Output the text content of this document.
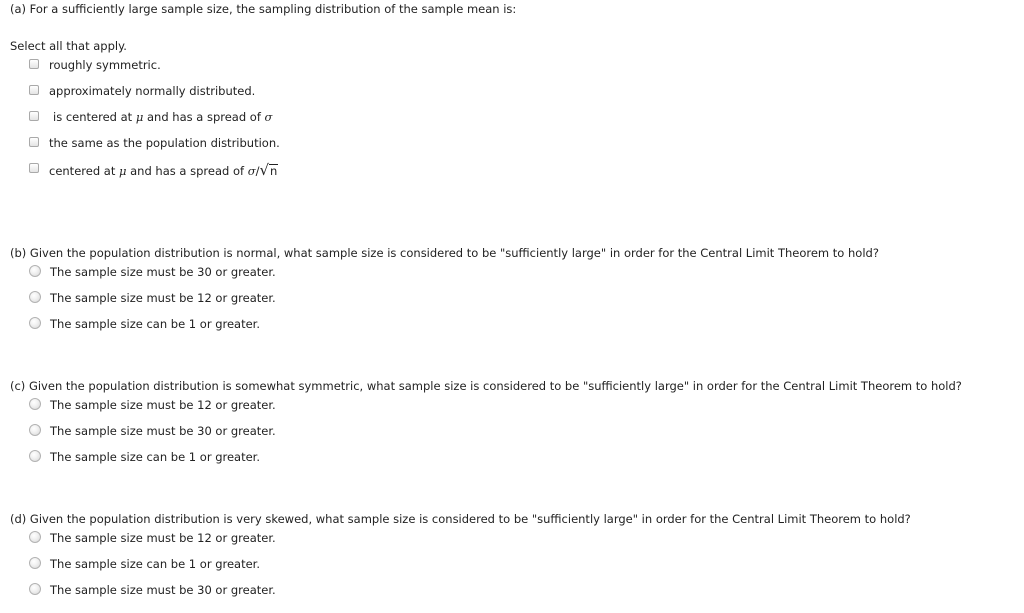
(a) For a sufficiently large sample size, the sampling distribution of the sample mean is:
Select all that apply.
roughly symmetric.
approximately normally distributed.
is centered at μ and has a spread of σ
the same as the population distribution.
centered at μ and has a spread of σ/√n
(b) Given the population distribution is normal, what sample size is considered to be "sufficiently large" in order for the Central Limit Theorem to hold?
The sample size must be 30 or greater.
The sample size must be 12 or greater.
The sample size can be 1 or greater.
(c) Given the population distribution is somewhat symmetric, what sample size is considered to be "sufficiently large" in order for the Central Limit Theorem to hold?
The sample size must be 12 or greater.
The sample size must be 30 or greater.
The sample size can be 1 or greater.
(d) Given the population distribution is very skewed, what sample size is considered to be "sufficiently large" in order for the Central Limit Theorem to hold?
The sample size must be 12 or greater.
The sample size can be 1 or greater.
The sample size must be 30 or greater.
